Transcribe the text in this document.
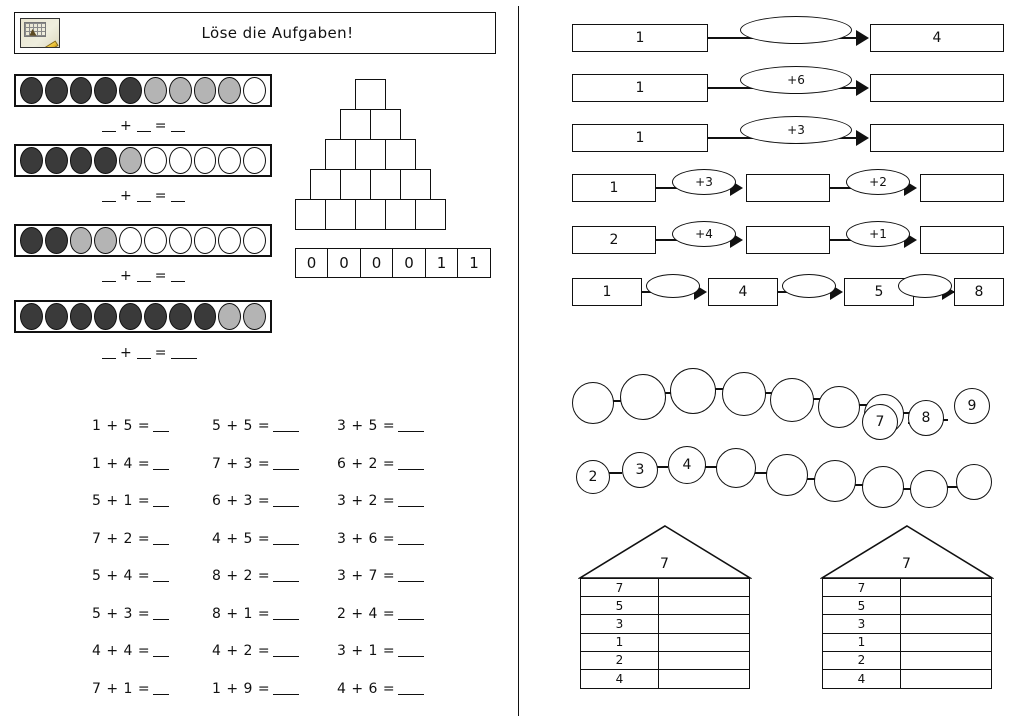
Löse die Aufgaben!
+ =
+ =
+ =
+ =
0	0	0	0	1	1
1 + 5 =
1 + 4 =
5 + 1 =
7 + 2 =
5 + 4 =
5 + 3 =
4 + 4 =
7 + 1 =
5 + 5 =
7 + 3 =
6 + 3 =
4 + 5 =
8 + 2 =
8 + 1 =
4 + 2 =
1 + 9 =
3 + 5 =
6 + 2 =
3 + 2 =
3 + 6 =
3 + 7 =
2 + 4 =
3 + 1 =
4 + 6 =
1	4
1	+6
1	+3
1	+3	+2
2	+4	+1
1	4	5	8
7	8
9
2	3	4
7
7
5
3
1
2
4
7
7
5
3
1
2
4
